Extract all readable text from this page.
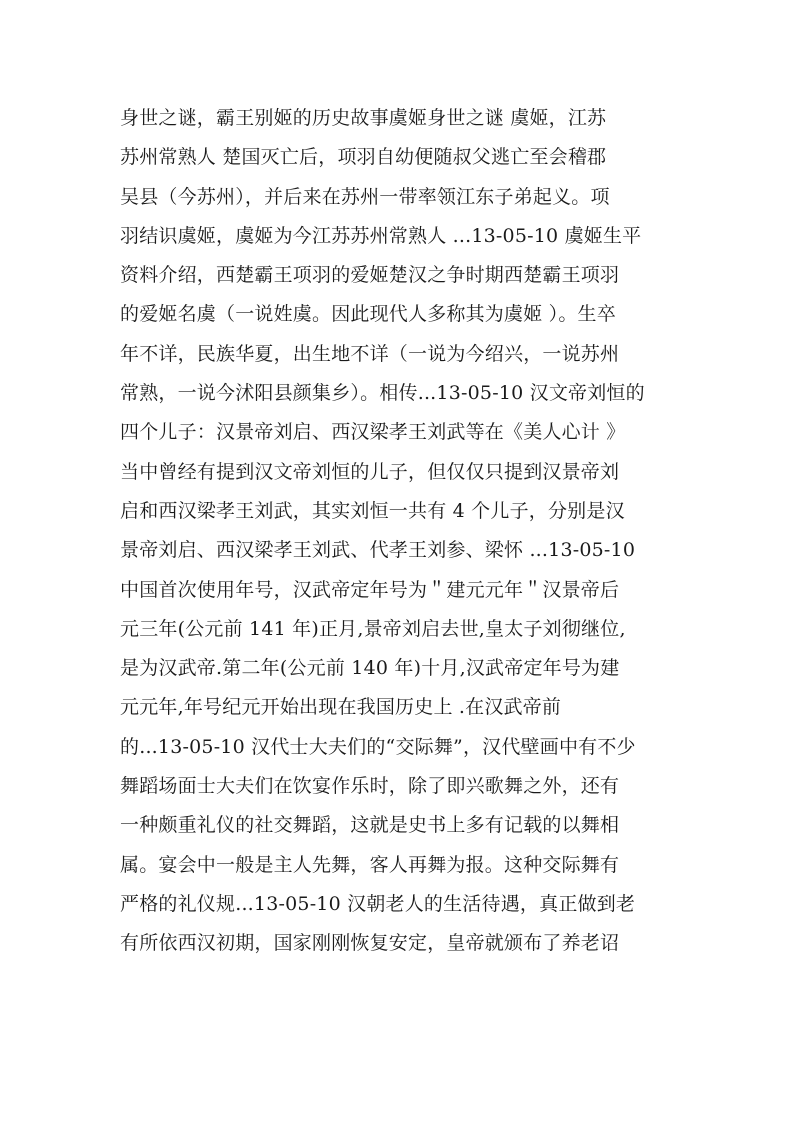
身世之谜，霸王别姬的历史故事虞姬身世之谜 虞姬，江苏
苏州常熟人 楚国灭亡后，项羽自幼便随叔父逃亡至会稽郡
吴县（今苏州），并后来在苏州一带率领江东子弟起义。项
羽结识虞姬，虞姬为今江苏苏州常熟人 ...13-05-10 虞姬生平
资料介绍，西楚霸王项羽的爱姬楚汉之争时期西楚霸王项羽
的爱姬名虞（一说姓虞。因此现代人多称其为虞姬 ）。生卒
年不详，民族华夏，出生地不详（一说为今绍兴，一说苏州
常熟，一说今沭阳县颜集乡）。相传...13-05-10 汉文帝刘恒的
四个儿子：汉景帝刘启、西汉梁孝王刘武等在《美人心计 》
当中曾经有提到汉文帝刘恒的儿子，但仅仅只提到汉景帝刘
启和西汉梁孝王刘武，其实刘恒一共有 4 个儿子，分别是汉
景帝刘启、西汉梁孝王刘武、代孝王刘参、梁怀 ...13-05-10
中国首次使用年号，汉武帝定年号为＂建元元年＂汉景帝后
元三年(公元前 141 年)正月,景帝刘启去世,皇太子刘彻继位,
是为汉武帝.第二年(公元前 140 年)十月,汉武帝定年号为建
元元年,年号纪元开始出现在我国历史上 .在汉武帝前
的...13-05-10 汉代士大夫们的“交际舞”，汉代壁画中有不少
舞蹈场面士大夫们在饮宴作乐时，除了即兴歌舞之外，还有
一种颇重礼仪的社交舞蹈，这就是史书上多有记载的以舞相
属。宴会中一般是主人先舞，客人再舞为报。这种交际舞有
严格的礼仪规...13-05-10 汉朝老人的生活待遇，真正做到老
有所依西汉初期，国家刚刚恢复安定，皇帝就颁布了养老诏
